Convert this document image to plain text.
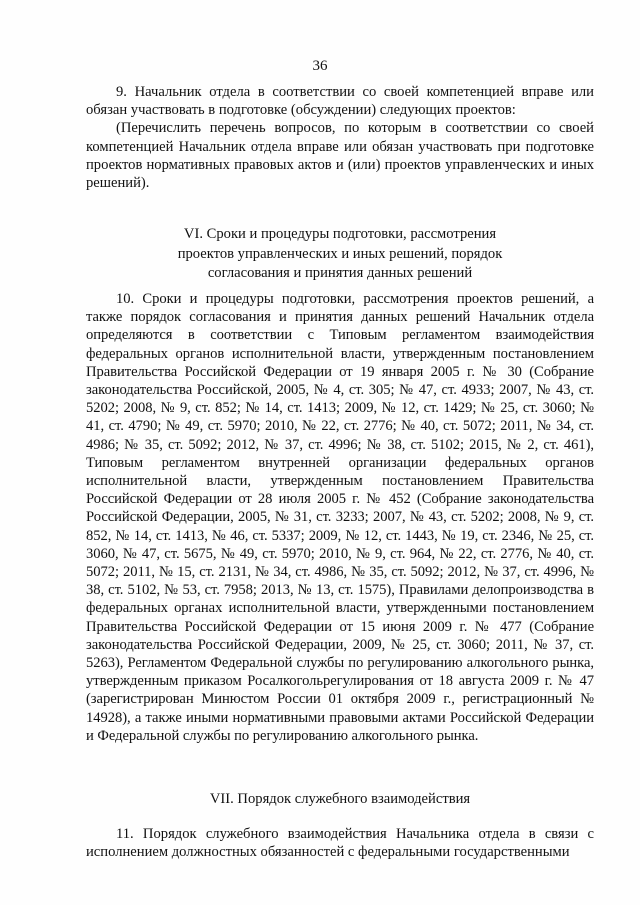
36

9. Начальник отдела в соответствии со своей компетенцией вправе или обязан участвовать в подготовке (обсуждении) следующих проектов:

(Перечислить перечень вопросов, по которым в соответствии со своей компетенцией Начальник отдела вправе или обязан участвовать при подготовке проектов нормативных правовых актов и (или) проектов управленческих и иных решений).

VI. Сроки и процедуры подготовки, рассмотрения
проектов управленческих и иных решений, порядок
согласования и принятия данных решений

10. Сроки и процедуры подготовки, рассмотрения проектов решений, а также порядок согласования и принятия данных решений Начальник отдела определяются в соответствии с Типовым регламентом взаимодействия федеральных органов исполнительной власти, утвержденным постановлением Правительства Российской Федерации от 19 января 2005 г. № 30 (Собрание законодательства Российской, 2005, № 4, ст. 305; № 47, ст. 4933; 2007, № 43, ст. 5202; 2008, № 9, ст. 852; № 14, ст. 1413; 2009, № 12, ст. 1429; № 25, ст. 3060; № 41, ст. 4790; № 49, ст. 5970; 2010, № 22, ст. 2776; № 40, ст. 5072; 2011, № 34, ст. 4986; № 35, ст. 5092; 2012, № 37, ст. 4996; № 38, ст. 5102; 2015, № 2, ст. 461), Типовым регламентом внутренней организации федеральных органов исполнительной власти, утвержденным постановлением Правительства Российской Федерации от 28 июля 2005 г. № 452 (Собрание законодательства Российской Федерации, 2005, № 31, ст. 3233; 2007, № 43, ст. 5202; 2008, № 9, ст. 852, № 14, ст. 1413, № 46, ст. 5337; 2009, № 12, ст. 1443, № 19, ст. 2346, № 25, ст. 3060, № 47, ст. 5675, № 49, ст. 5970; 2010, № 9, ст. 964, № 22, ст. 2776, № 40, ст. 5072; 2011, № 15, ст. 2131, № 34, ст. 4986, № 35, ст. 5092; 2012, № 37, ст. 4996, № 38, ст. 5102, № 53, ст. 7958; 2013, № 13, ст. 1575), Правилами делопроизводства в федеральных органах исполнительной власти, утвержденными постановлением Правительства Российской Федерации от 15 июня 2009 г. № 477 (Собрание законодательства Российской Федерации, 2009, № 25, ст. 3060; 2011, № 37, ст. 5263), Регламентом Федеральной службы по регулированию алкогольного рынка, утвержденным приказом Росалкогольрегулирования от 18 августа 2009 г. № 47 (зарегистрирован Минюстом России 01 октября 2009 г., регистрационный № 14928), а также иными нормативными правовыми актами Российской Федерации и Федеральной службы по регулированию алкогольного рынка.

VII. Порядок служебного взаимодействия

11. Порядок служебного взаимодействия Начальника отдела в связи с исполнением должностных обязанностей с федеральными государственными
